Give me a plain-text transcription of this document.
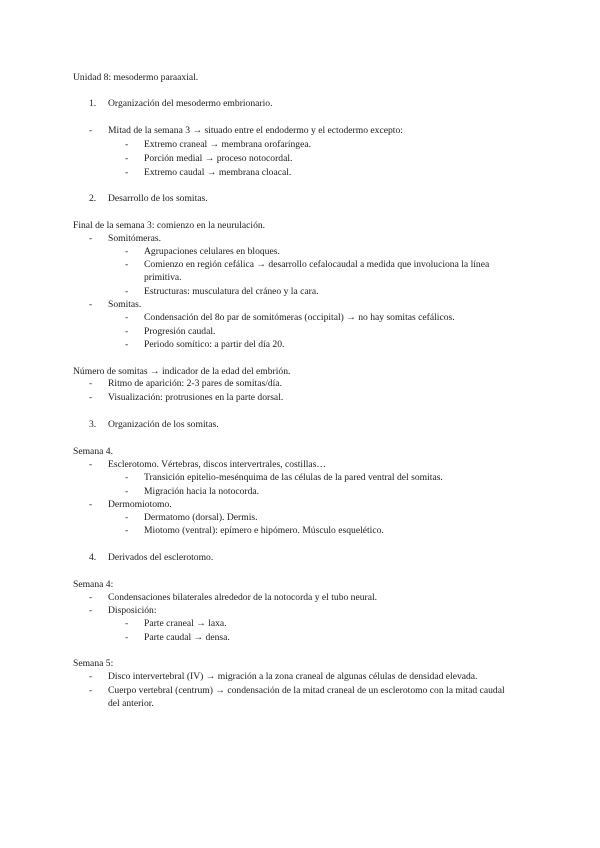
Unidad 8: mesodermo paraaxial.
1. Organización del mesodermo embrionario.
- Mitad de la semana 3 → situado entre el endodermo y el ectodermo excepto:
- Extremo craneal → membrana orofaríngea.
- Porción medial → proceso notocordal.
- Extremo caudal → membrana cloacal.
2. Desarrollo de los somitas.
Final de la semana 3: comienzo en la neurulación.
- Somitómeras.
- Agrupaciones celulares en bloques.
- Comienzo en región cefálica → desarrollo cefalocaudal a medida que involuciona la línea
primitiva.
- Estructuras: musculatura del cráneo y la cara.
- Somitas.
- Condensación del 8o par de somitómeras (occipital) → no hay somitas cefálicos.
- Progresión caudal.
- Periodo somítico: a partir del día 20.
Número de somitas → indicador de la edad del embrión.
- Ritmo de aparición: 2-3 pares de somitas/día.
- Visualización: protrusiones en la parte dorsal.
3. Organización de los somitas.
Semana 4.
- Esclerotomo. Vértebras, discos intervertrales, costillas…
- Transición epitelio-mesénquima de las células de la pared ventral del somitas.
- Migración hacia la notocorda.
- Dermomiotomo.
- Dermatomo (dorsal). Dermis.
- Miotomo (ventral): epímero e hipómero. Músculo esquelético.
4. Derivados del esclerotomo.
Semana 4:
- Condensaciones bilaterales alrededor de la notocorda y el tubo neural.
- Disposición:
- Parte craneal → laxa.
- Parte caudal → densa.
Semana 5:
- Disco intervertebral (IV) → migración a la zona craneal de algunas células de densidad elevada.
- Cuerpo vertebral (centrum) → condensación de la mitad craneal de un esclerotomo con la mitad caudal
del anterior.
